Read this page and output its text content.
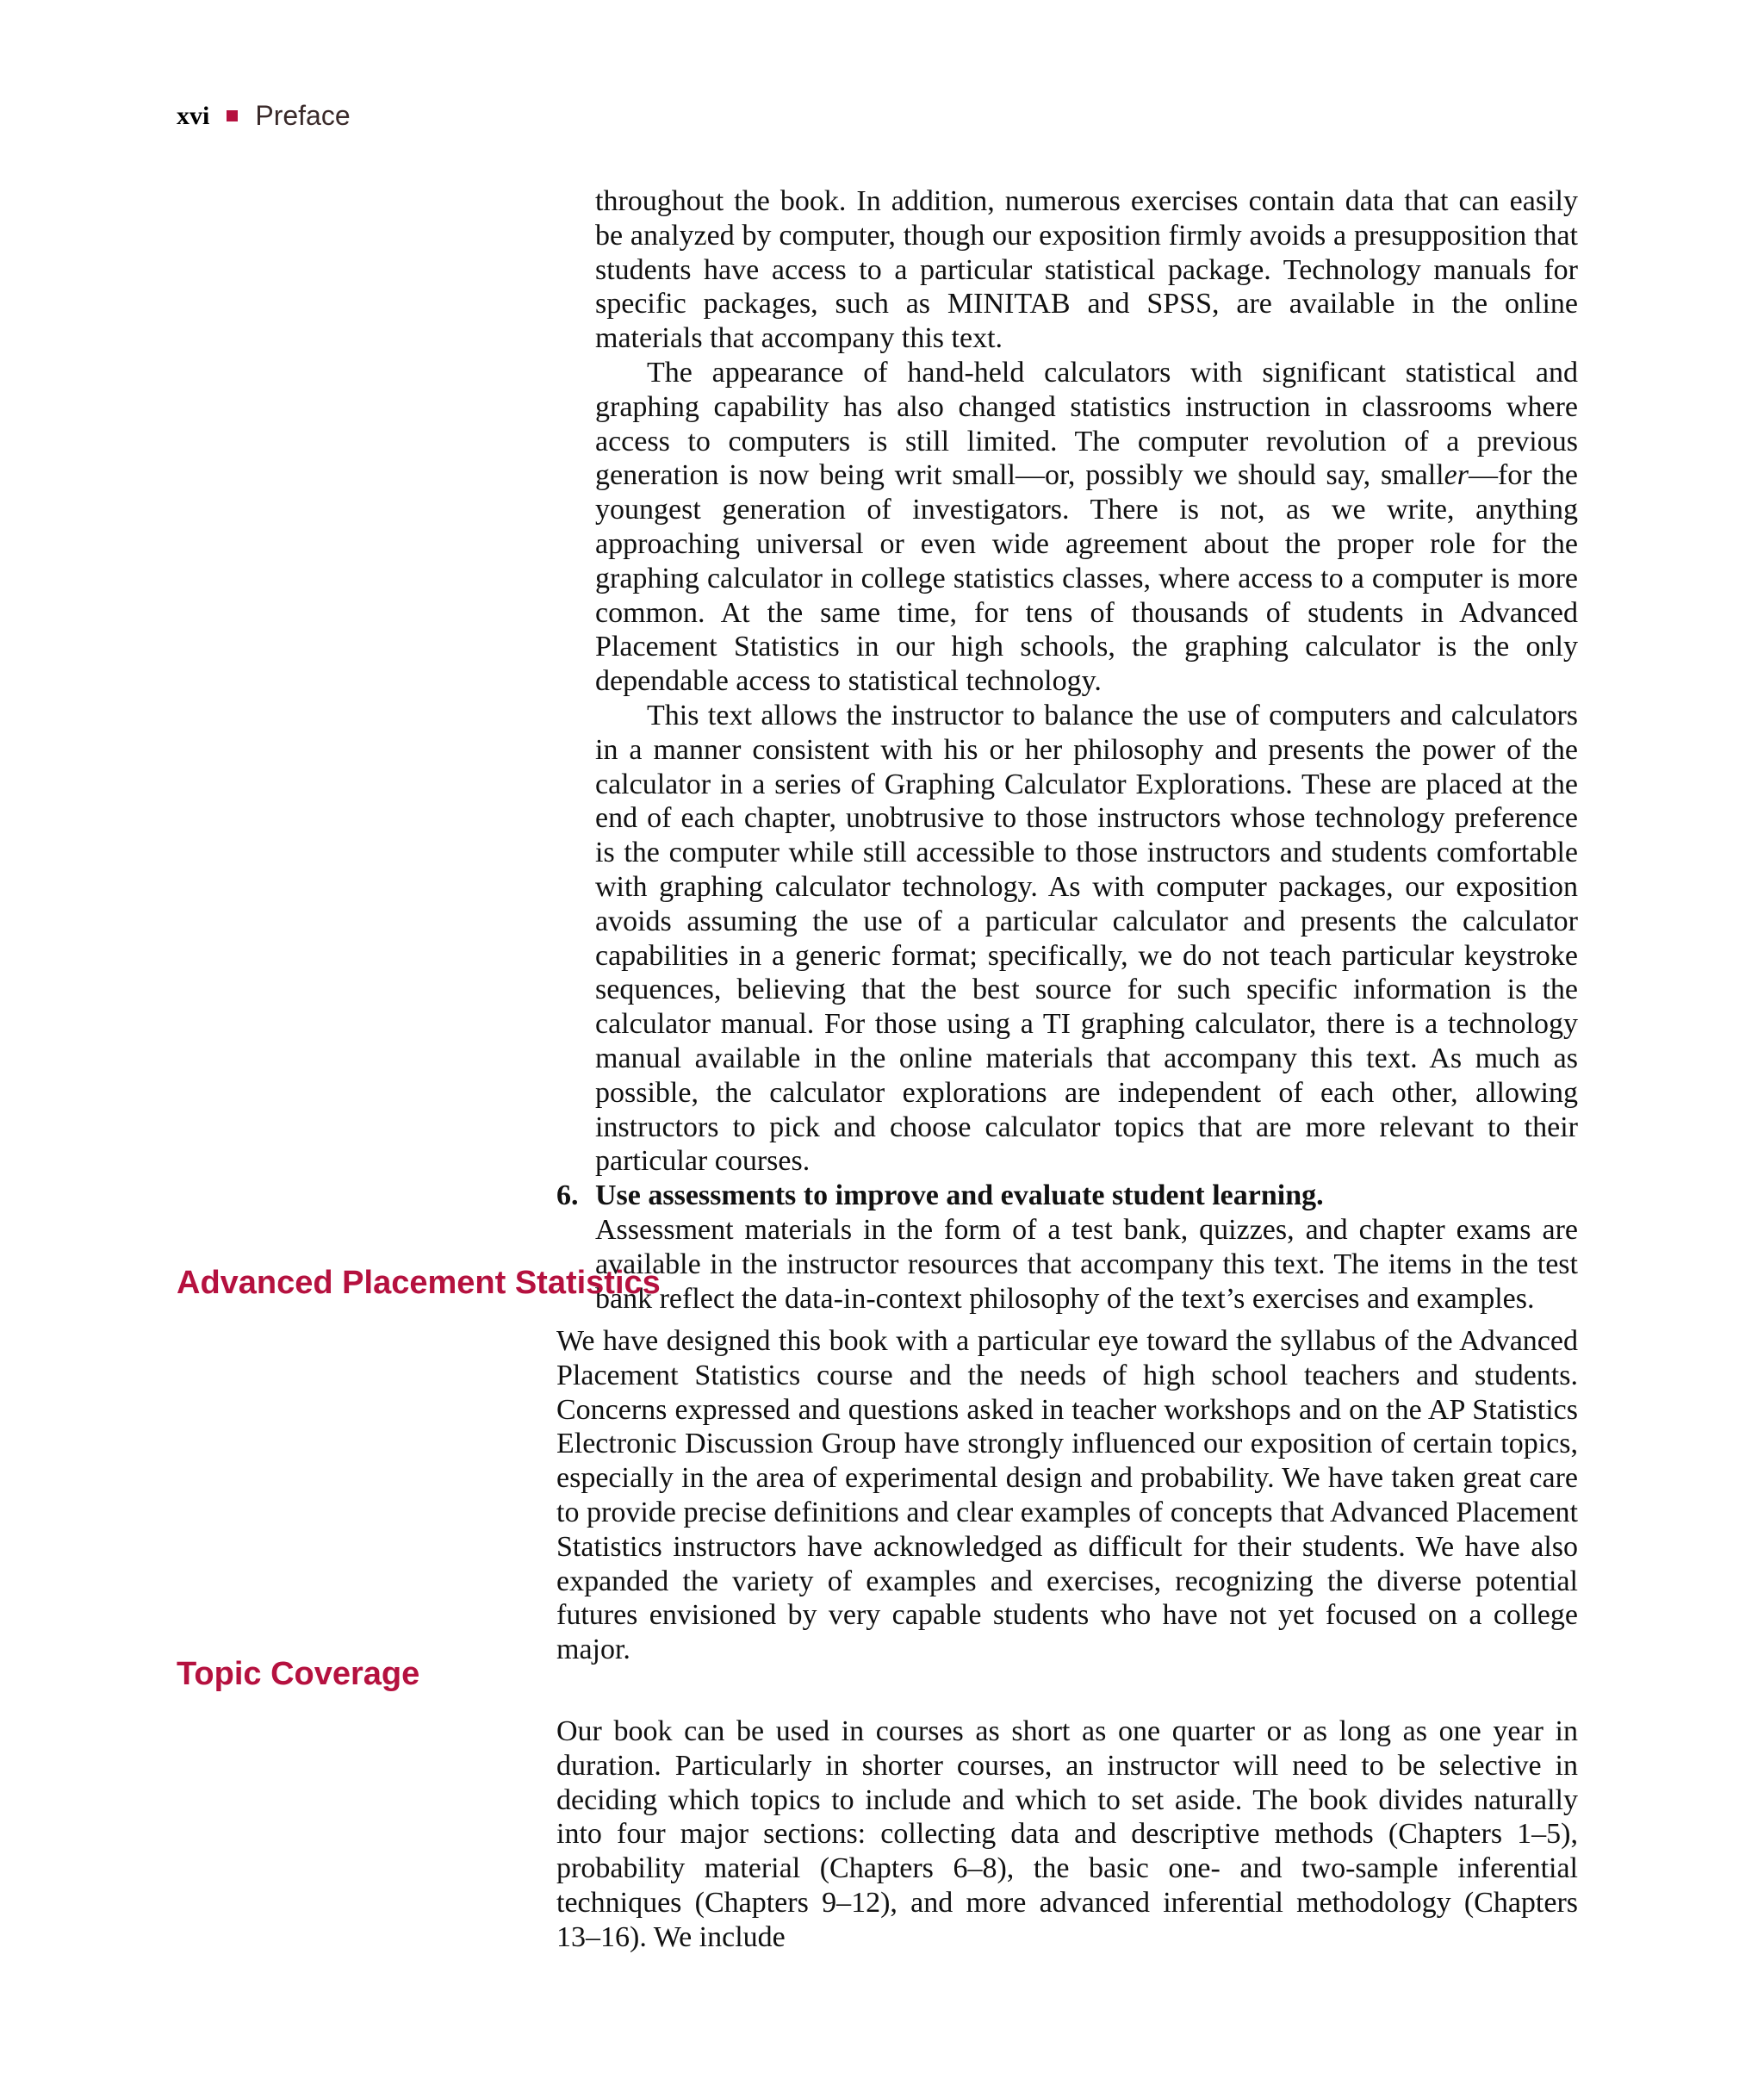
xvi Preface

throughout the book. In addition, numerous exercises contain data that can easily be analyzed by computer, though our exposition firmly avoids a presupposition that students have access to a particular statistical package. Technology manuals for specific packages, such as MINITAB and SPSS, are available in the online materials that accompany this text.

The appearance of hand-held calculators with significant statistical and graphing capability has also changed statistics instruction in classrooms where access to computers is still limited. The computer revolution of a previous generation is now being writ small—or, possibly we should say, smaller—for the youngest generation of investigators. There is not, as we write, anything approaching universal or even wide agreement about the proper role for the graphing calculator in college statistics classes, where access to a computer is more common. At the same time, for tens of thousands of students in Advanced Placement Statistics in our high schools, the graphing calculator is the only dependable access to statistical technology.

This text allows the instructor to balance the use of computers and calculators in a manner consistent with his or her philosophy and presents the power of the calculator in a series of Graphing Calculator Explorations. These are placed at the end of each chapter, unobtrusive to those instructors whose technology preference is the computer while still accessible to those instructors and students comfortable with graphing calculator technology. As with computer packages, our exposition avoids assuming the use of a particular calculator and presents the calculator capabilities in a generic format; specifically, we do not teach particular keystroke sequences, believing that the best source for such specific information is the calculator manual. For those using a TI graphing calculator, there is a technology manual available in the online materials that accompany this text. As much as possible, the calculator explorations are independent of each other, allowing instructors to pick and choose calculator topics that are more relevant to their particular courses.

6. Use assessments to improve and evaluate student learning.

Assessment materials in the form of a test bank, quizzes, and chapter exams are available in the instructor resources that accompany this text. The items in the test bank reflect the data-in-context philosophy of the text’s exercises and examples.

Advanced Placement Statistics

We have designed this book with a particular eye toward the syllabus of the Advanced Placement Statistics course and the needs of high school teachers and students. Concerns expressed and questions asked in teacher workshops and on the AP Statistics Electronic Discussion Group have strongly influenced our exposition of certain topics, especially in the area of experimental design and probability. We have taken great care to provide precise definitions and clear examples of concepts that Advanced Placement Statistics instructors have acknowledged as difficult for their students. We have also expanded the variety of examples and exercises, recognizing the diverse potential futures envisioned by very capable students who have not yet focused on a college major.

Topic Coverage

Our book can be used in courses as short as one quarter or as long as one year in duration. Particularly in shorter courses, an instructor will need to be selective in deciding which topics to include and which to set aside. The book divides naturally into four major sections: collecting data and descriptive methods (Chapters 1–5), probability material (Chapters 6–8), the basic one- and two-sample inferential techniques (Chapters 9–12), and more advanced inferential methodology (Chapters 13–16). We include
